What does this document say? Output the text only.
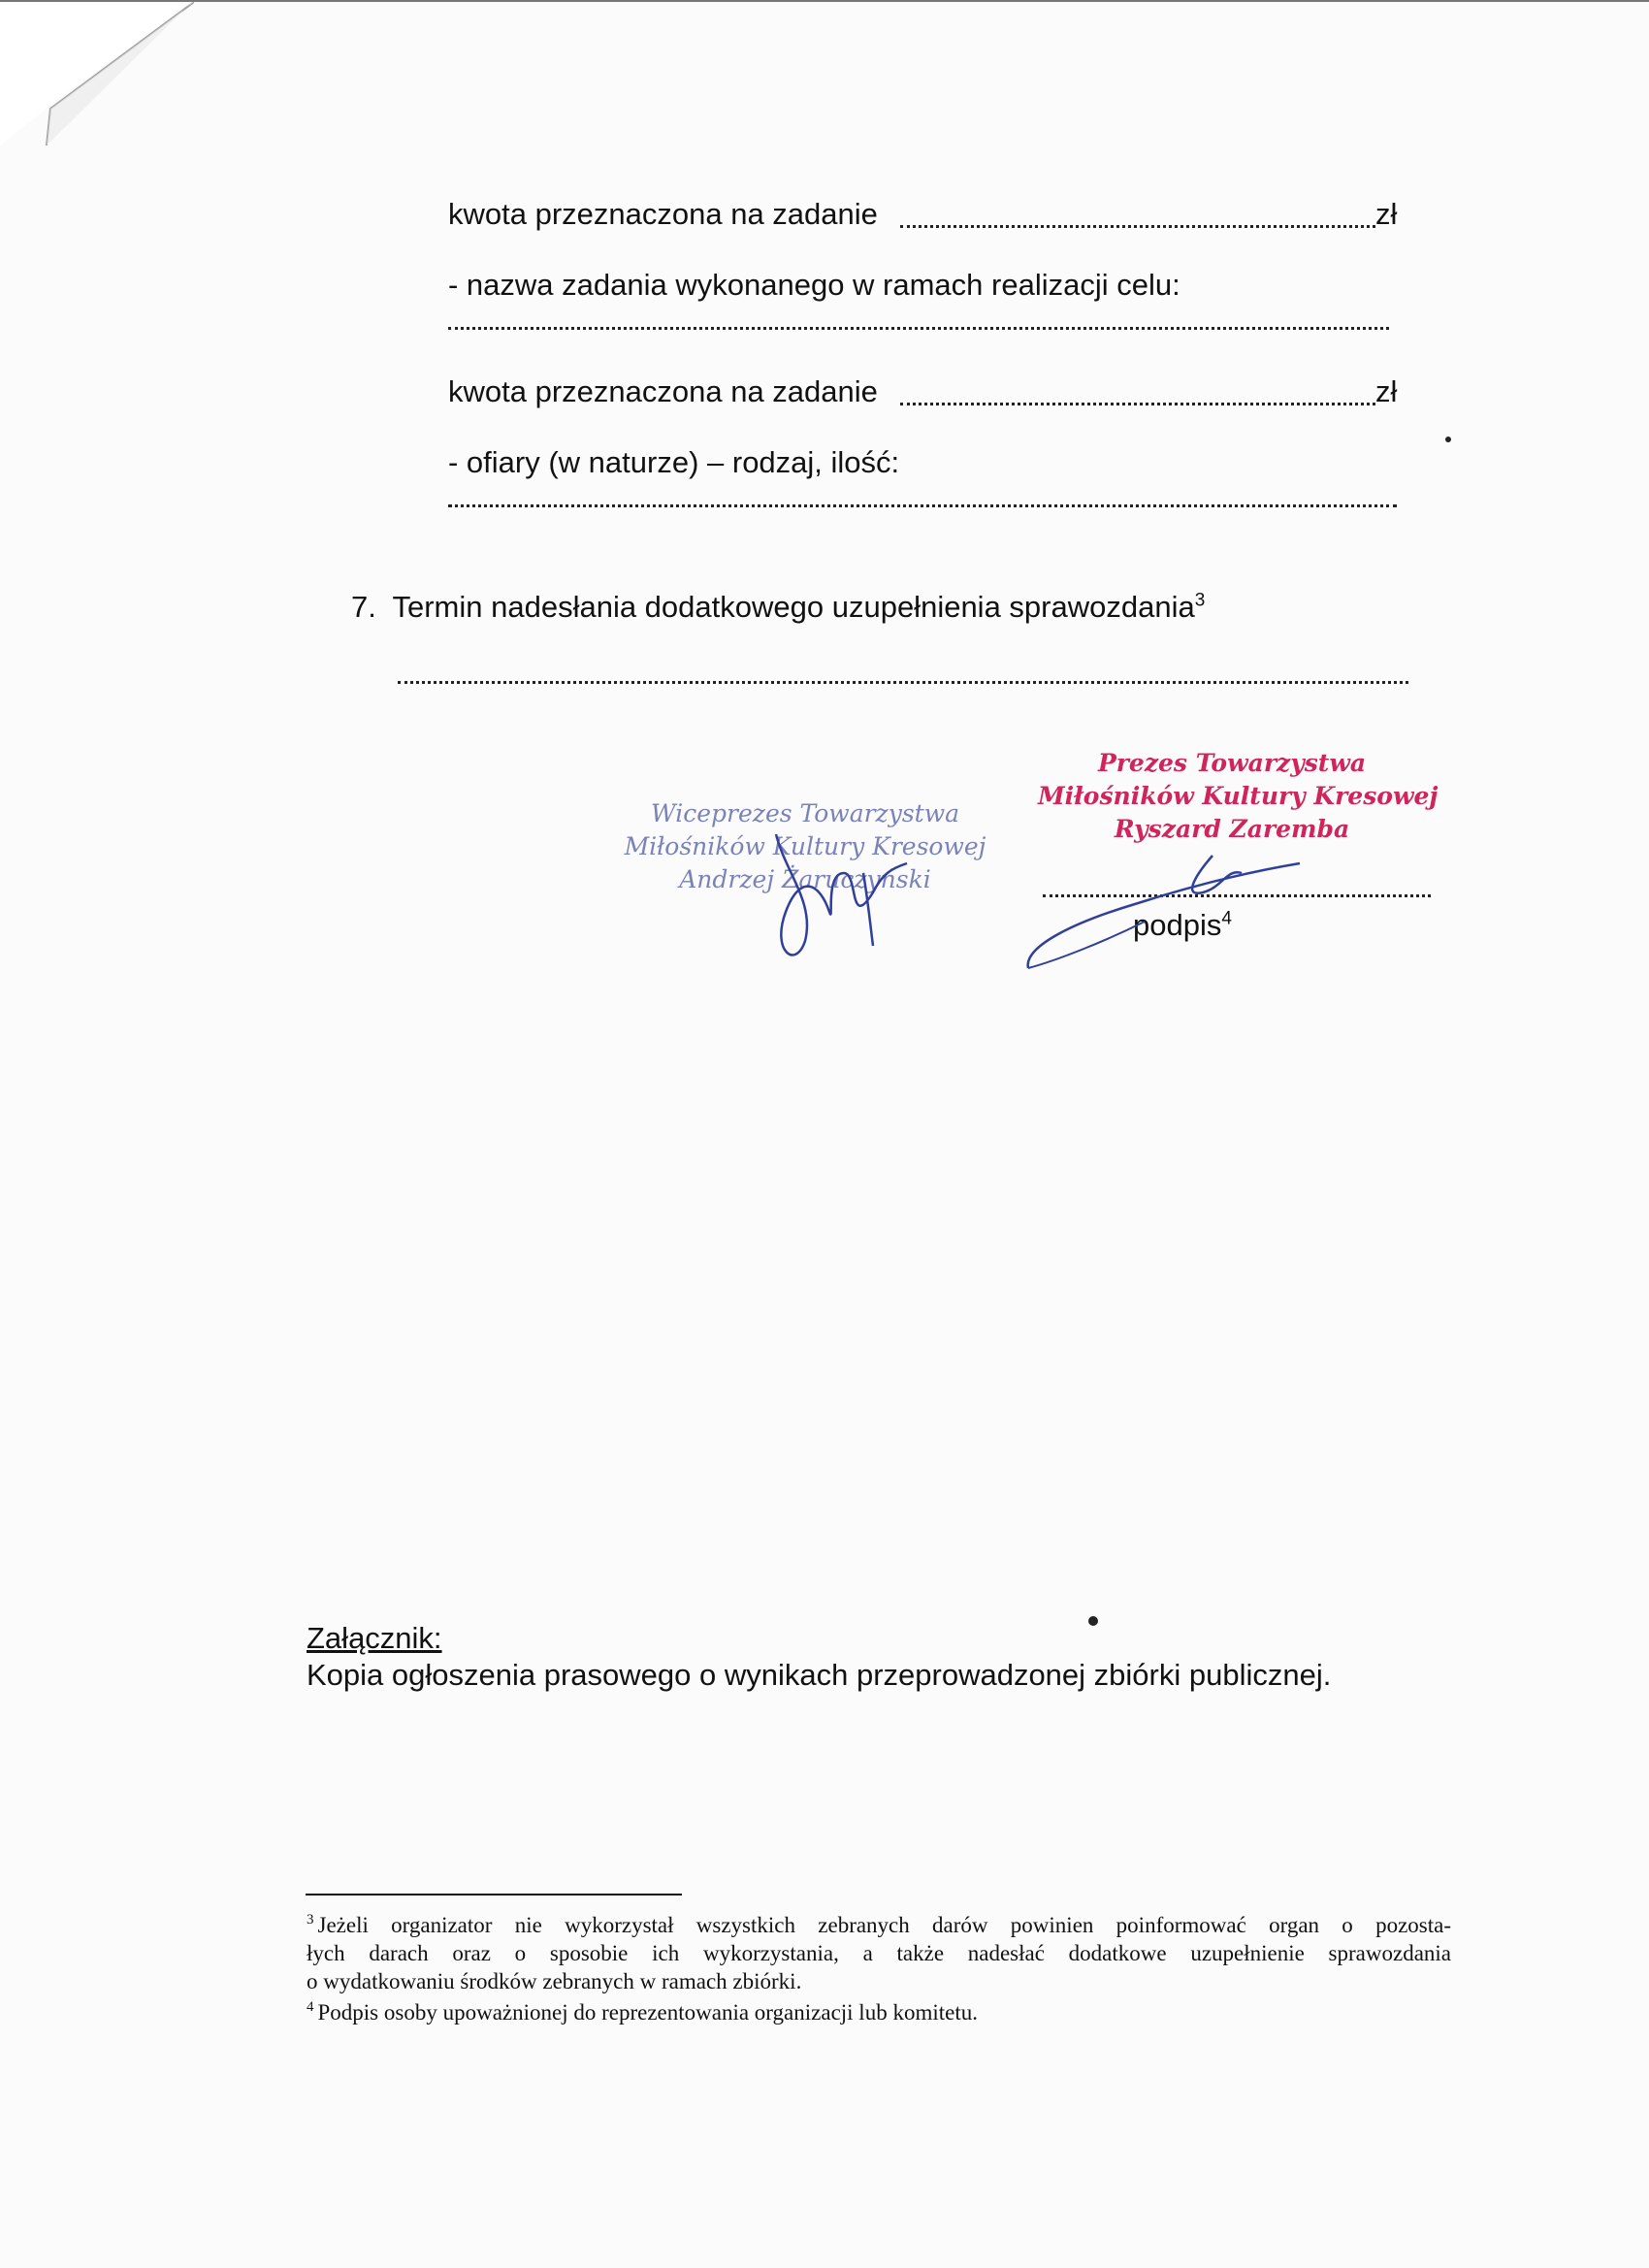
kwota przeznaczona na zadanie	zł
- nazwa zadania wykonanego w ramach realizacji celu:
kwota przeznaczona na zadanie	zł
- ofiary (w naturze) – rodzaj, ilość:
7. Termin nadesłania dodatkowego uzupełnienia sprawozdania$^3$
Wiceprezes Towarzystwa
Miłośników Kultury Kresowej
Andrzej Żaruczyński
Prezes Towarzystwa
Miłośników Kultury Kresowej
Ryszard Zaremba
podpis$^4$
Załącznik:
Kopia ogłoszenia prasowego o wynikach przeprowadzonej zbiórki publicznej.
$^3$ Jeżeli organizator nie wykorzystał wszystkich zebranych darów powinien poinformować organ o pozosta-
łych darach oraz o sposobie ich wykorzystania, a także nadesłać dodatkowe uzupełnienie sprawozdania
o wydatkowaniu środków zebranych w ramach zbiórki.
$^4$ Podpis osoby upoważnionej do reprezentowania organizacji lub komitetu.
